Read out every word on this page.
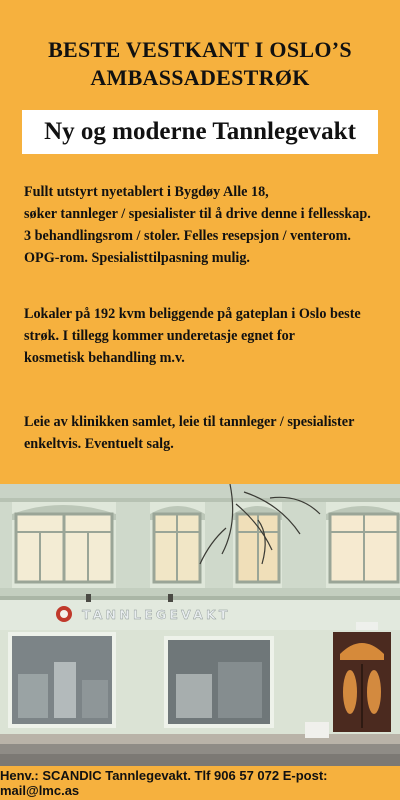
BESTE VESTKANT I OSLO’S
AMBASSADESTRØK
Ny og moderne Tannlegevakt
Fullt utstyrt nyetablert i Bygdøy Alle 18,
søker tannleger / spesialister til å drive denne i fellesskap.
3 behandlingsrom / stoler. Felles resepsjon / venterom.
OPG-rom. Spesialisttilpasning mulig.
Lokaler på 192 kvm beliggende på gateplan i Oslo beste
strøk. I tillegg kommer underetasje egnet for
kosmetisk behandling m.v.
Leie av klinikken samlet, leie til tannleger / spesialister
enkeltvis. Eventuelt salg.
TANNLEGEVAKT
Henv.: SCANDIC Tannlegevakt. Tlf 906 57 072 E-post: mail@lmc.as
